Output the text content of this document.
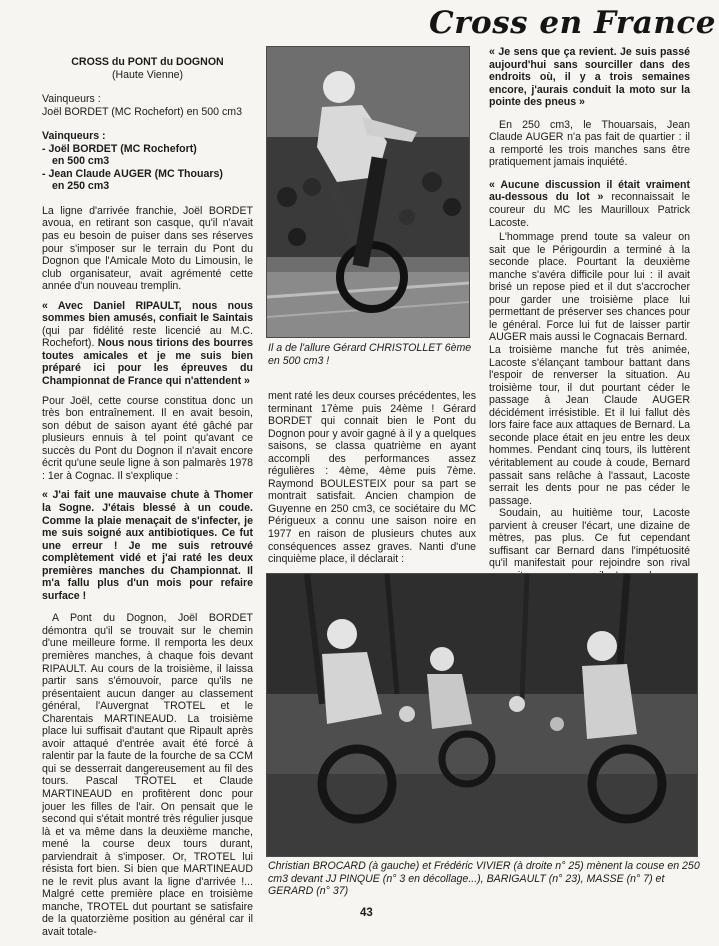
Cross en France

CROSS du PONT du DOGNON

(Haute Vienne)

Vainqueurs :

Joël BORDET (MC Rochefort) en 500 cm3

Vainqueurs :

- Joël BORDET (MC Rochefort)

en 500 cm3

- Jean Claude AUGER (MC Thouars)

en 250 cm3

La ligne d'arrivée franchie, Joël BORDET avoua, en retirant son casque, qu'il n'avait pas eu besoin de puiser dans ses réserves pour s'imposer sur le terrain du Pont du Dognon que l'Amicale Moto du Limousin, le club organisateur, avait agrémenté cette année d'un nouveau tremplin.

« Avec Daniel RIPAULT, nous nous sommes bien amusés, confiait le Saintais (qui par fidélité reste licencié au M.C. Rochefort). Nous nous tirions des bourres toutes amicales et je me suis bien préparé ici pour les épreuves du Championnat de France qui n'attendent »

Pour Joël, cette course constitua donc un très bon entraînement. Il en avait besoin, son début de saison ayant été gâché par plusieurs ennuis à tel point qu'avant ce succès du Pont du Dognon il n'avait encore écrit qu'une seule ligne à son palmarès 1978 : 1er à Cognac. Il s'explique :

« J'ai fait une mauvaise chute à Thomer la Sogne. J'étais blessé à un coude. Comme la plaie menaçait de s'infecter, je me suis soigné aux antibiotiques. Ce fut une erreur ! Je me suis retrouvé complètement vidé et j'ai raté les deux premières manches du Championnat. Il m'a fallu plus d'un mois pour refaire surface !

A Pont du Dognon, Joël BORDET démontra qu'il se trouvait sur le chemin d'une meilleure forme. Il remporta les deux premières manches, à chaque fois devant RIPAULT. Au cours de la troisième, il laissa partir sans s'émouvoir, parce qu'ils ne présentaient aucun danger au classement général, l'Auvergnat TROTEL et le Charentais MARTINEAUD. La troisième place lui suffisait d'autant que Ripault après avoir attaqué d'entrée avait été forcé à ralentir par la faute de la fourche de sa CCM qui se desserrait dangereusement au fil des tours. Pascal TROTEL et Claude MARTINEAUD en profitèrent donc pour jouer les filles de l'air. On pensait que le second qui s'était montré très régulier jusque là et va même dans la deuxième manche, mené la course deux tours durant, parviendrait à s'imposer. Or, TROTEL lui résista fort bien. Si bien que MARTINEAUD ne le revit plus avant la ligne d'arrivée !... Malgré cette première place en troisième manche, TROTEL dut pourtant se satisfaire de la quatorzième position au général car il avait totale-

Il a de l'allure Gérard CHRISTOLLET 6ème en 500 cm3 !

ment raté les deux courses précédentes, les terminant 17ème puis 24ème ! Gérard BORDET qui connait bien le Pont du Dognon pour y avoir gagné à il y a quelques saisons, se classa quatrième en ayant accompli des performances assez régulières : 4ème, 4ème puis 7ème. Raymond BOULESTEIX pour sa part se montrait satisfait. Ancien champion de Guyenne en 250 cm3, ce sociétaire du MC Périgueux a connu une saison noire en 1977 en raison de plusieurs chutes aux conséquences assez graves. Nanti d'une cinquième place, il déclarait :

« Je sens que ça revient. Je suis passé aujourd'hui sans sourciller dans des endroits où, il y a trois semaines encore, j'aurais conduit la moto sur la pointe des pneus »

En 250 cm3, le Thouarsais, Jean Claude AUGER n'a pas fait de quartier : il a remporté les trois manches sans être pratiquement jamais inquiété.

« Aucune discussion il était vraiment au-dessous du lot » reconnaissait le coureur du MC les Maurilloux Patrick Lacoste.

L'hommage prend toute sa valeur on sait que le Périgourdin a terminé à la seconde place. Pourtant la deuxième manche s'avéra difficile pour lui : il avait brisé un repose pied et il dut s'accrocher pour garder une troisième place lui permettant de préserver ses chances pour le général. Force lui fut de laisser partir AUGER mais aussi le Cognacais Bernard.

La troisième manche fut très animée, Lacoste s'élançant tambour battant dans l'espoir de renverser la situation. Au troisième tour, il dut pourtant céder le passage à Jean Claude AUGER décidément irrésistible. Et il lui fallut dès lors faire face aux attaques de Bernard. La seconde place était en jeu entre les deux hommes. Pendant cinq tours, ils luttèrent véritablement au coude à coude, Bernard passait sans relâche à l'assaut, Lacoste serrait les dents pour ne pas céder le passage.

Soudain, au huitième tour, Lacoste parvient à creuser l'écart, une dizaine de mètres, pas plus. Ce fut cependant suffisant car Bernard dans l'impétuosité qu'il manifestait pour rejoindre son rival

Christian BROCARD (à gauche) et Frédéric VIVIER (à droite n° 25) mènent la couse en 250 cm3 devant JJ PINQUE (n° 3 en décollage...), BARIGAULT (n° 23), MASSE (n° 7) et GERARD (n° 37)
43
